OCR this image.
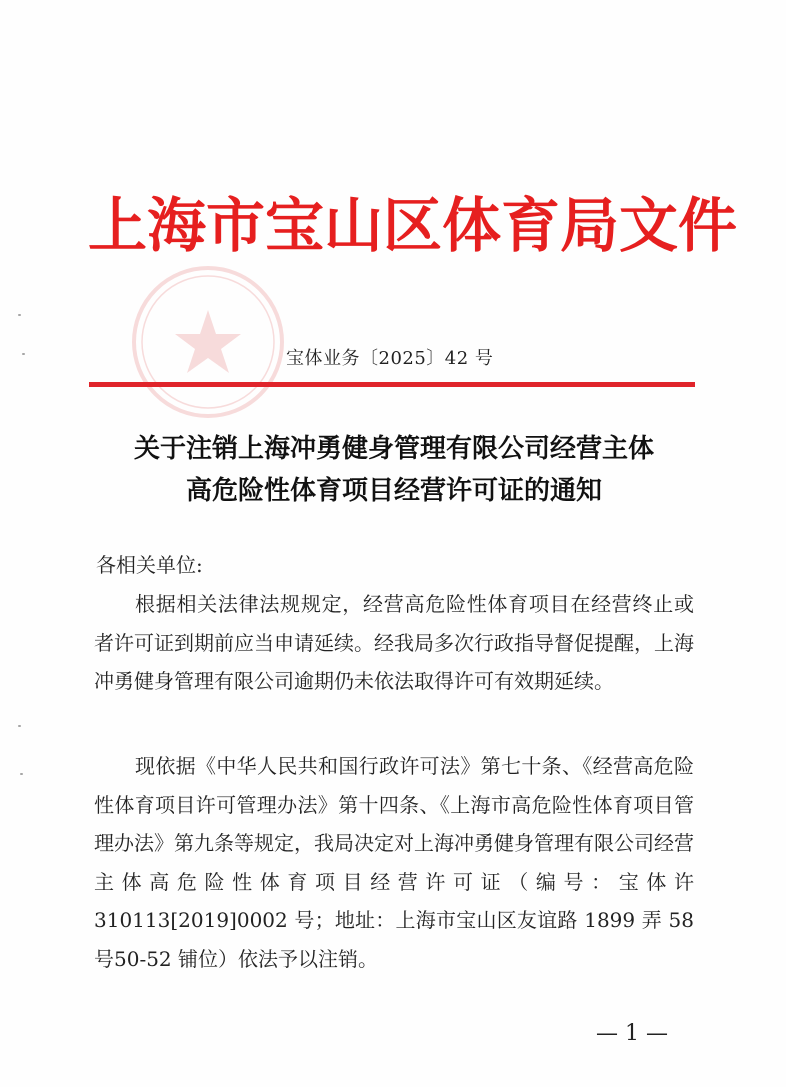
上海市宝山区体育局文件
宝体业务〔2025〕42 号
关于注销上海冲勇健身管理有限公司经营主体
高危险性体育项目经营许可证的通知
各相关单位:
根据相关法律法规规定，经营高危险性体育项目在经营终止或者许可证到期前应当申请延续。经我局多次行政指导督促提醒，上海冲勇健身管理有限公司逾期仍未依法取得许可有效期延续。
现依据《中华人民共和国行政许可法》第七十条、《经营高危险性体育项目许可管理办法》第十四条、《上海市高危险性体育项目管理办法》第九条等规定，我局决定对上海冲勇健身管理有限公司经营主体高危险性体育项目经营许可证（编号：宝体许310113[2019]0002 号；地址：上海市宝山区友谊路 1899 弄 58 号50-52 铺位）依法予以注销。
— 1 —
